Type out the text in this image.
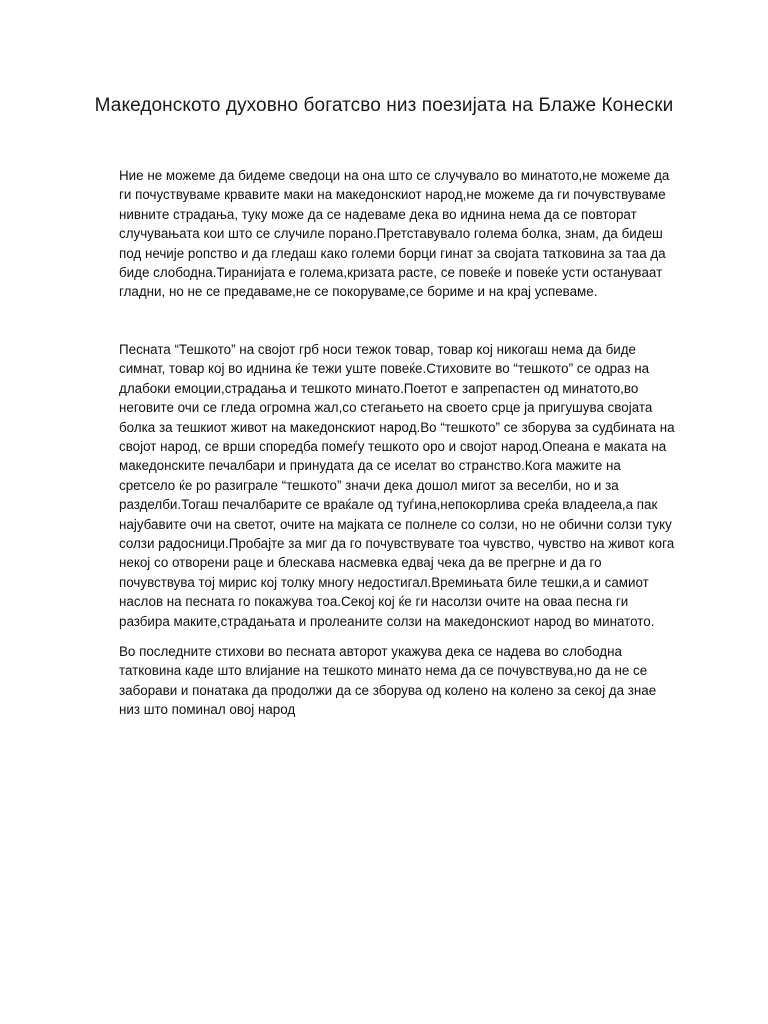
Македонското духовно богатсво низ поезијата на Блаже Конески

Ние не можеме да бидеме сведоци на она што се случувало во минатото,не можеме да ги почуствуваме крвавите маки на македонскиот народ,не можеме да ги почувствуваме нивните страдања, туку може да се надеваме дека во иднина нема да се повторат случувањата кои што се случиле порано.Претставувало голема болка, знам, да бидеш под нечије ропство и да гледаш како големи борци гинат за својата татковина за таа да биде слободна.Тиранијата е голема,кризата расте, се повеќе и повеќе усти останувaат гладни, но не се предаваме,не се покоруваме,се бориме и на крај успеваме.

Песната “Тешкото” на својот грб носи тежок товар, товар кој никогаш нема да биде симнат, товар кој во иднина ќе тежи уште повеќе.Стиховите во “тешкото” се одраз на длабоки емоции,страдања и тешкото минато.Поетот е запрепастен од минатото,во неговите очи се гледа огромна жал,со стегањето на своето срце ја пригушува својата болка за тешкиот живот на македонскиот народ.Во “тешкото” се зборува за судбината на својот народ, се врши споредба помеѓу тешкото оро и својот народ.Опеана е маката на македонските печалбари и принудата да се иселат во странство.Кога мажите на сретсело ќе ро разиграле “тешкото” значи дека дошол мигот за веселби, но и за разделби.Тогаш печалбарите се враќале од туѓина,непокорлива среќа владеела,а пак најубавите очи на светот, очите на мајката се полнеле со солзи, но не обични солзи туку солзи радосници.Пробајте за миг да го почувствувате тоа чувство, чувство на живот кога некој со отворени раце и блескава насмевка едвај чека да ве прегрне и да го почувствува тој мирис кој толку многу недостигал.Времињата биле тешки,а и самиот наслов на песната го покажува тоа.Секој кој ќе ги насолзи очите на оваа песна ги разбира маките,страдањата и пролеаните солзи на македонскиот народ во минатото.

Во последните стихови во песната авторот укажува дека се надева во слободна татковина каде што влијание на тешкото минато нема да се почувствува,но да не се заборави и понатака да продолжи да се зборува од колено на колено за секој да знае низ што поминал овој народ
